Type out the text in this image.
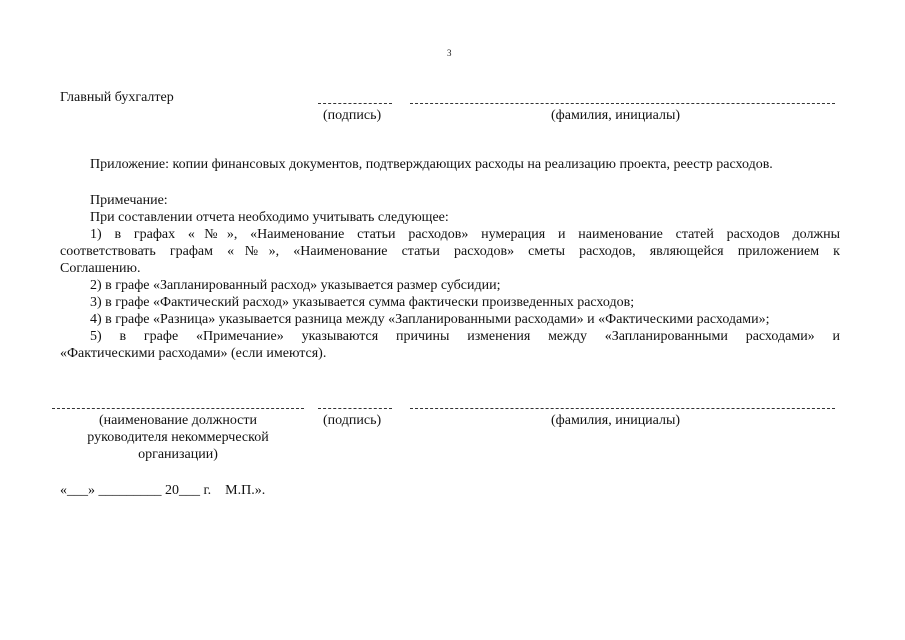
3
Главный бухгалтер
(подпись)	(фамилия, инициалы)
Приложение: копии финансовых документов, подтверждающих расходы на реализацию проекта, реестр расходов.
Примечание:
При составлении отчета необходимо учитывать следующее:
1) в графах «№», «Наименование статьи расходов» нумерация и наименование статей расходов должны
соответствовать графам «№», «Наименование статьи расходов» сметы расходов, являющейся приложением к
Соглашению.
2) в графе «Запланированный расход» указывается размер субсидии;
3) в графе «Фактический расход» указывается сумма фактически произведенных расходов;
4) в графе «Разница» указывается разница между «Запланированными расходами» и «Фактическими расходами»;
5) в графе «Примечание» указываются причины изменения между «Запланированными расходами» и
«Фактическими расходами» (если имеются).
(наименование должности
руководителя некоммерческой
организации)
(подпись)	(фамилия, инициалы)
«___» _________ 20___ г. М.П.».
